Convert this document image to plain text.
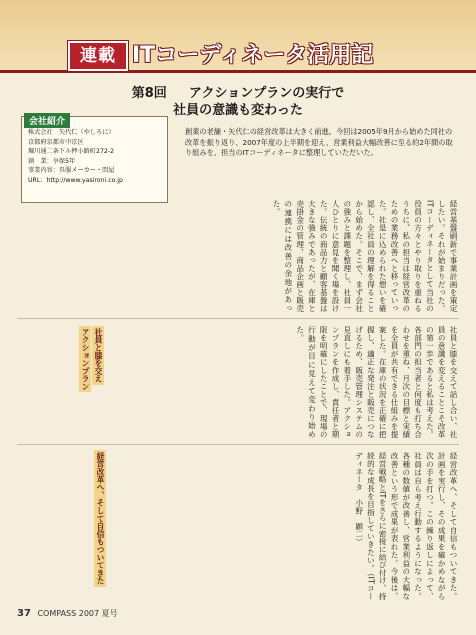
連載 ITコーディネータ活用記
第8回 　 アクションプランの実行で
社員の意識も変わった
会社紹介
株式会社　矢代仁（やしろに）
京都府京都市中京区
堀川通二条下ル押小路町272-2
創　業：享保5年
事業内容：呉服メーカー・問屋
URL：http://www.yasironi.co.jp
創業の老舗・矢代仁の経営改革は大きく前進。今回は2005年9月から始めた同社の改革を振り返り、2007年度の上半期を迎え、営業利益大幅改善に至る約2年間の取り組みを、担当のITコーディネータに整理していただいた。
経営基盤刷新で事業計画を策定したい。それが始まりだった。ITコーディネータとして当社の役員の方々とやり取りを重ねるうちに、私の担当は経営改革のための業務改善へと移っていった。社是に込められた想いを確認し、全社員の理解を得ることから始めた。そこで、まず会社の強みと課題を整理し、社員一人ひとりに意見を聞く場を設けた。伝統の商品力と顧客基盤は大きな強みであったが、在庫と売掛金の管理、商品企画と販売の連携には改善の余地があった。
社員と膝を交えて話し合い、社員の意識を変えることこそ改革の第一歩であると私は考えた。各部門の担当者と何度も打ち合わせを重ね、月次の目標と実績を全員が共有できる仕組みを提案した。在庫の状況を正確に把握し、適正な発注と販売につなげるため、販売管理システムの見直しにも着手した。アクションプランを作成し、責任者と期限を明確にしたことで、現場の行動が目に見えて変わり始めた。
経営改革へ、そして自信もついてきた。計画を実行し、その成果を確かめながら次の手を打つ。この繰り返しによって、社員は自ら考え行動するようになった。各種の数値が改善し、営業利益の大幅な改善という形で成果が表れた。今後は、経営戦略とITをさらに密接に結び付け、持続的な成長を目指していきたい。（ITコーディネータ　小野　顕二）
社員と膝を交え
アクションプラン
経営改革へ、そして自信もついてきた
37 COMPASS 2007 夏号
